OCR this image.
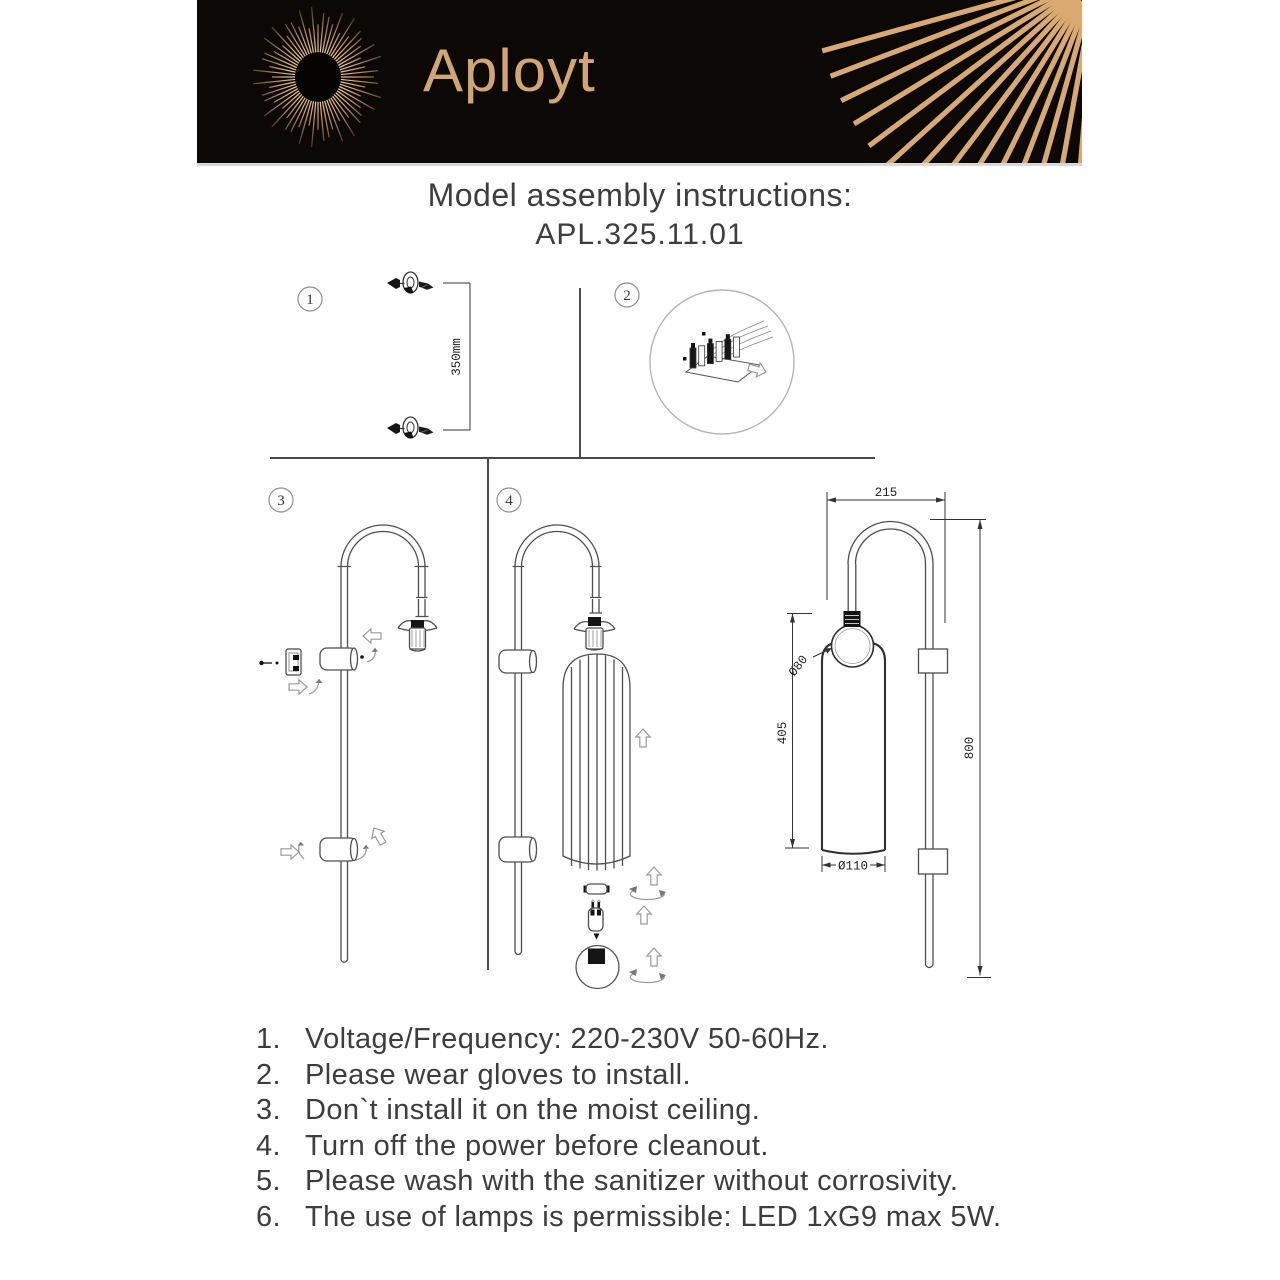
Aployt
Model assembly instructions:
APL.325.11.01
1
350mm
2
3	4	215
Ø80
405
Ø110
800
1. Voltage/Frequency: 220-230V 50-60Hz.
2. Please wear gloves to install.
3. Don`t install it on the moist ceiling.
4. Turn off the power before cleanout.
5. Please wash with the sanitizer without corrosivity.
6. The use of lamps is permissible: LED 1xG9 max 5W.
